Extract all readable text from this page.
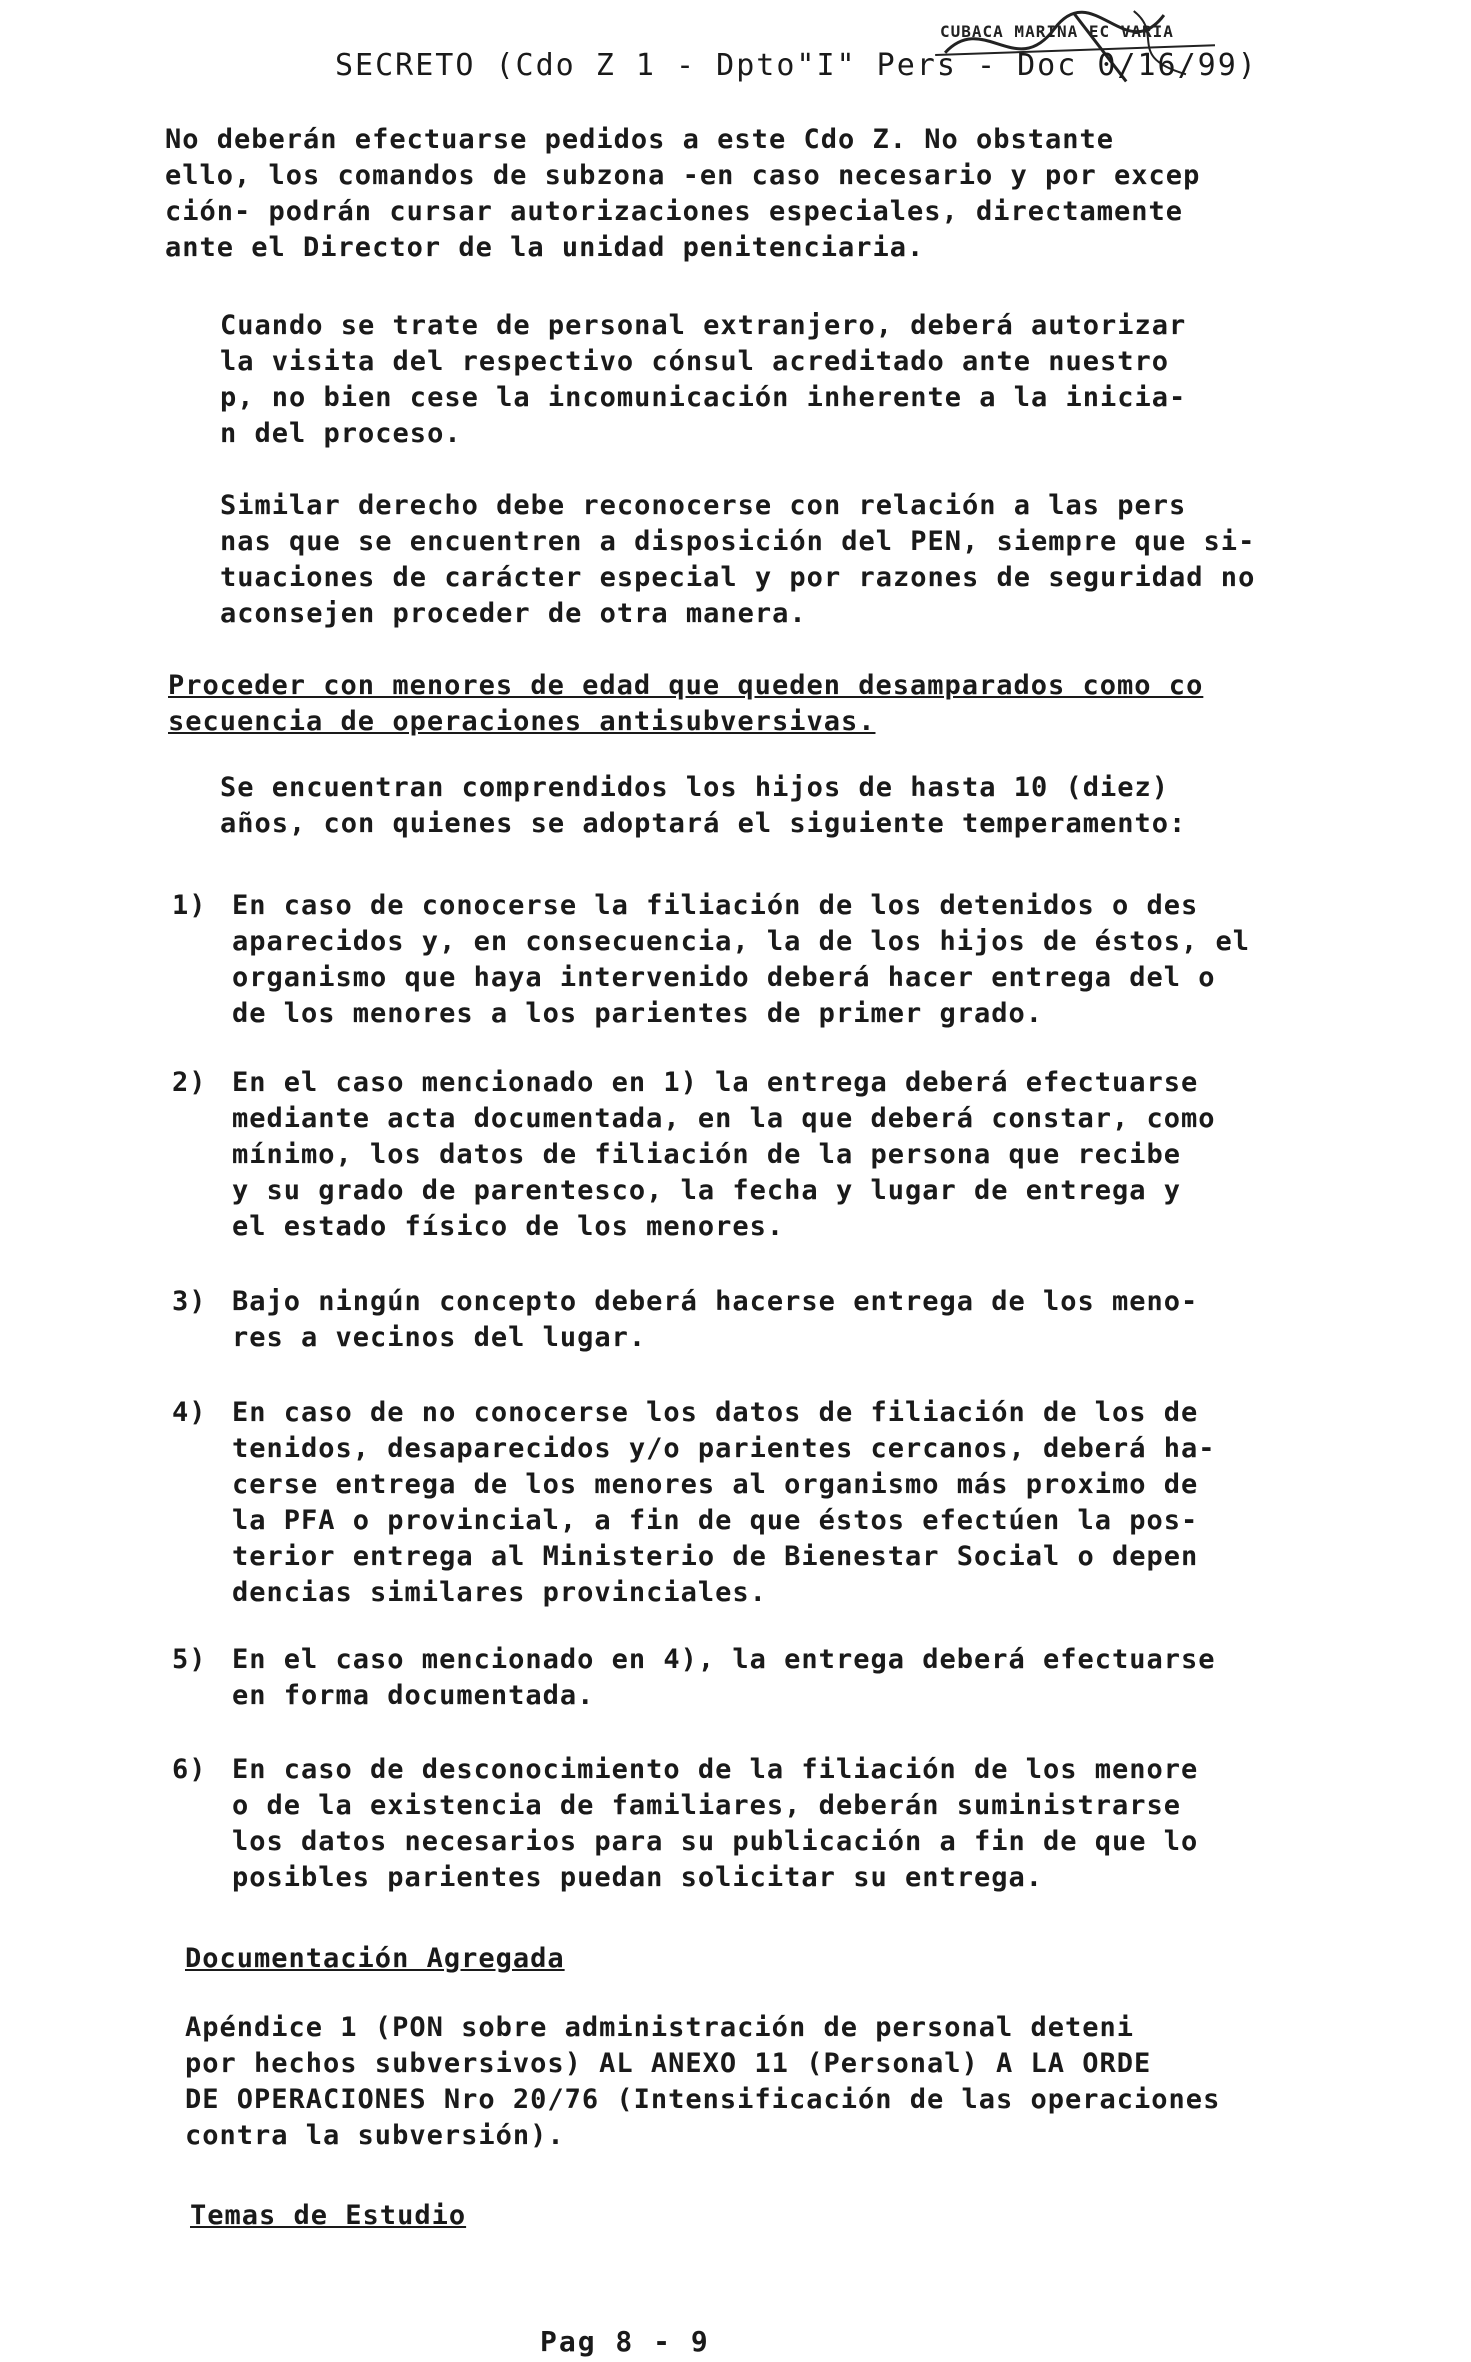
CUBACA MARINA EC VARIA
SECRETO (Cdo Z 1 - Dpto"I" Pers - Doc 0/16/99)
No deberán efectuarse pedidos a este Cdo Z. No obstante
ello, los comandos de subzona -en caso necesario y por excep
ción- podrán cursar autorizaciones especiales, directamente
ante el Director de la unidad penitenciaria.
Cuando se trate de personal extranjero, deberá autorizar
la visita del respectivo cónsul acreditado ante nuestro
p, no bien cese la incomunicación inherente a la inicia-
n del proceso.
Similar derecho debe reconocerse con relación a las pers
nas que se encuentren a disposición del PEN, siempre que si-
tuaciones de carácter especial y por razones de seguridad no
aconsejen proceder de otra manera.
Proceder con menores de edad que queden desamparados como co
secuencia de operaciones antisubversivas.
Se encuentran comprendidos los hijos de hasta 10 (diez)
años, con quienes se adoptará el siguiente temperamento:
1) En caso de conocerse la filiación de los detenidos o des
aparecidos y, en consecuencia, la de los hijos de éstos, el
organismo que haya intervenido deberá hacer entrega del o
de los menores a los parientes de primer grado.
2) En el caso mencionado en 1) la entrega deberá efectuarse
mediante acta documentada, en la que deberá constar, como
mínimo, los datos de filiación de la persona que recibe
y su grado de parentesco, la fecha y lugar de entrega y
el estado físico de los menores.
3) Bajo ningún concepto deberá hacerse entrega de los meno-
res a vecinos del lugar.
4) En caso de no conocerse los datos de filiación de los de
tenidos, desaparecidos y/o parientes cercanos, deberá ha-
cerse entrega de los menores al organismo más proximo de
la PFA o provincial, a fin de que éstos efectúen la pos-
terior entrega al Ministerio de Bienestar Social o depen
dencias similares provinciales.
5) En el caso mencionado en 4), la entrega deberá efectuarse
en forma documentada.
6) En caso de desconocimiento de la filiación de los menore
o de la existencia de familiares, deberán suministrarse
los datos necesarios para su publicación a fin de que lo
posibles parientes puedan solicitar su entrega.
Documentación Agregada
Apéndice 1 (PON sobre administración de personal deteni
por hechos subversivos) AL ANEXO 11 (Personal) A LA ORDE
DE OPERACIONES Nro 20/76 (Intensificación de las operaciones
contra la subversión).
Temas de Estudio
Pag 8 - 9
